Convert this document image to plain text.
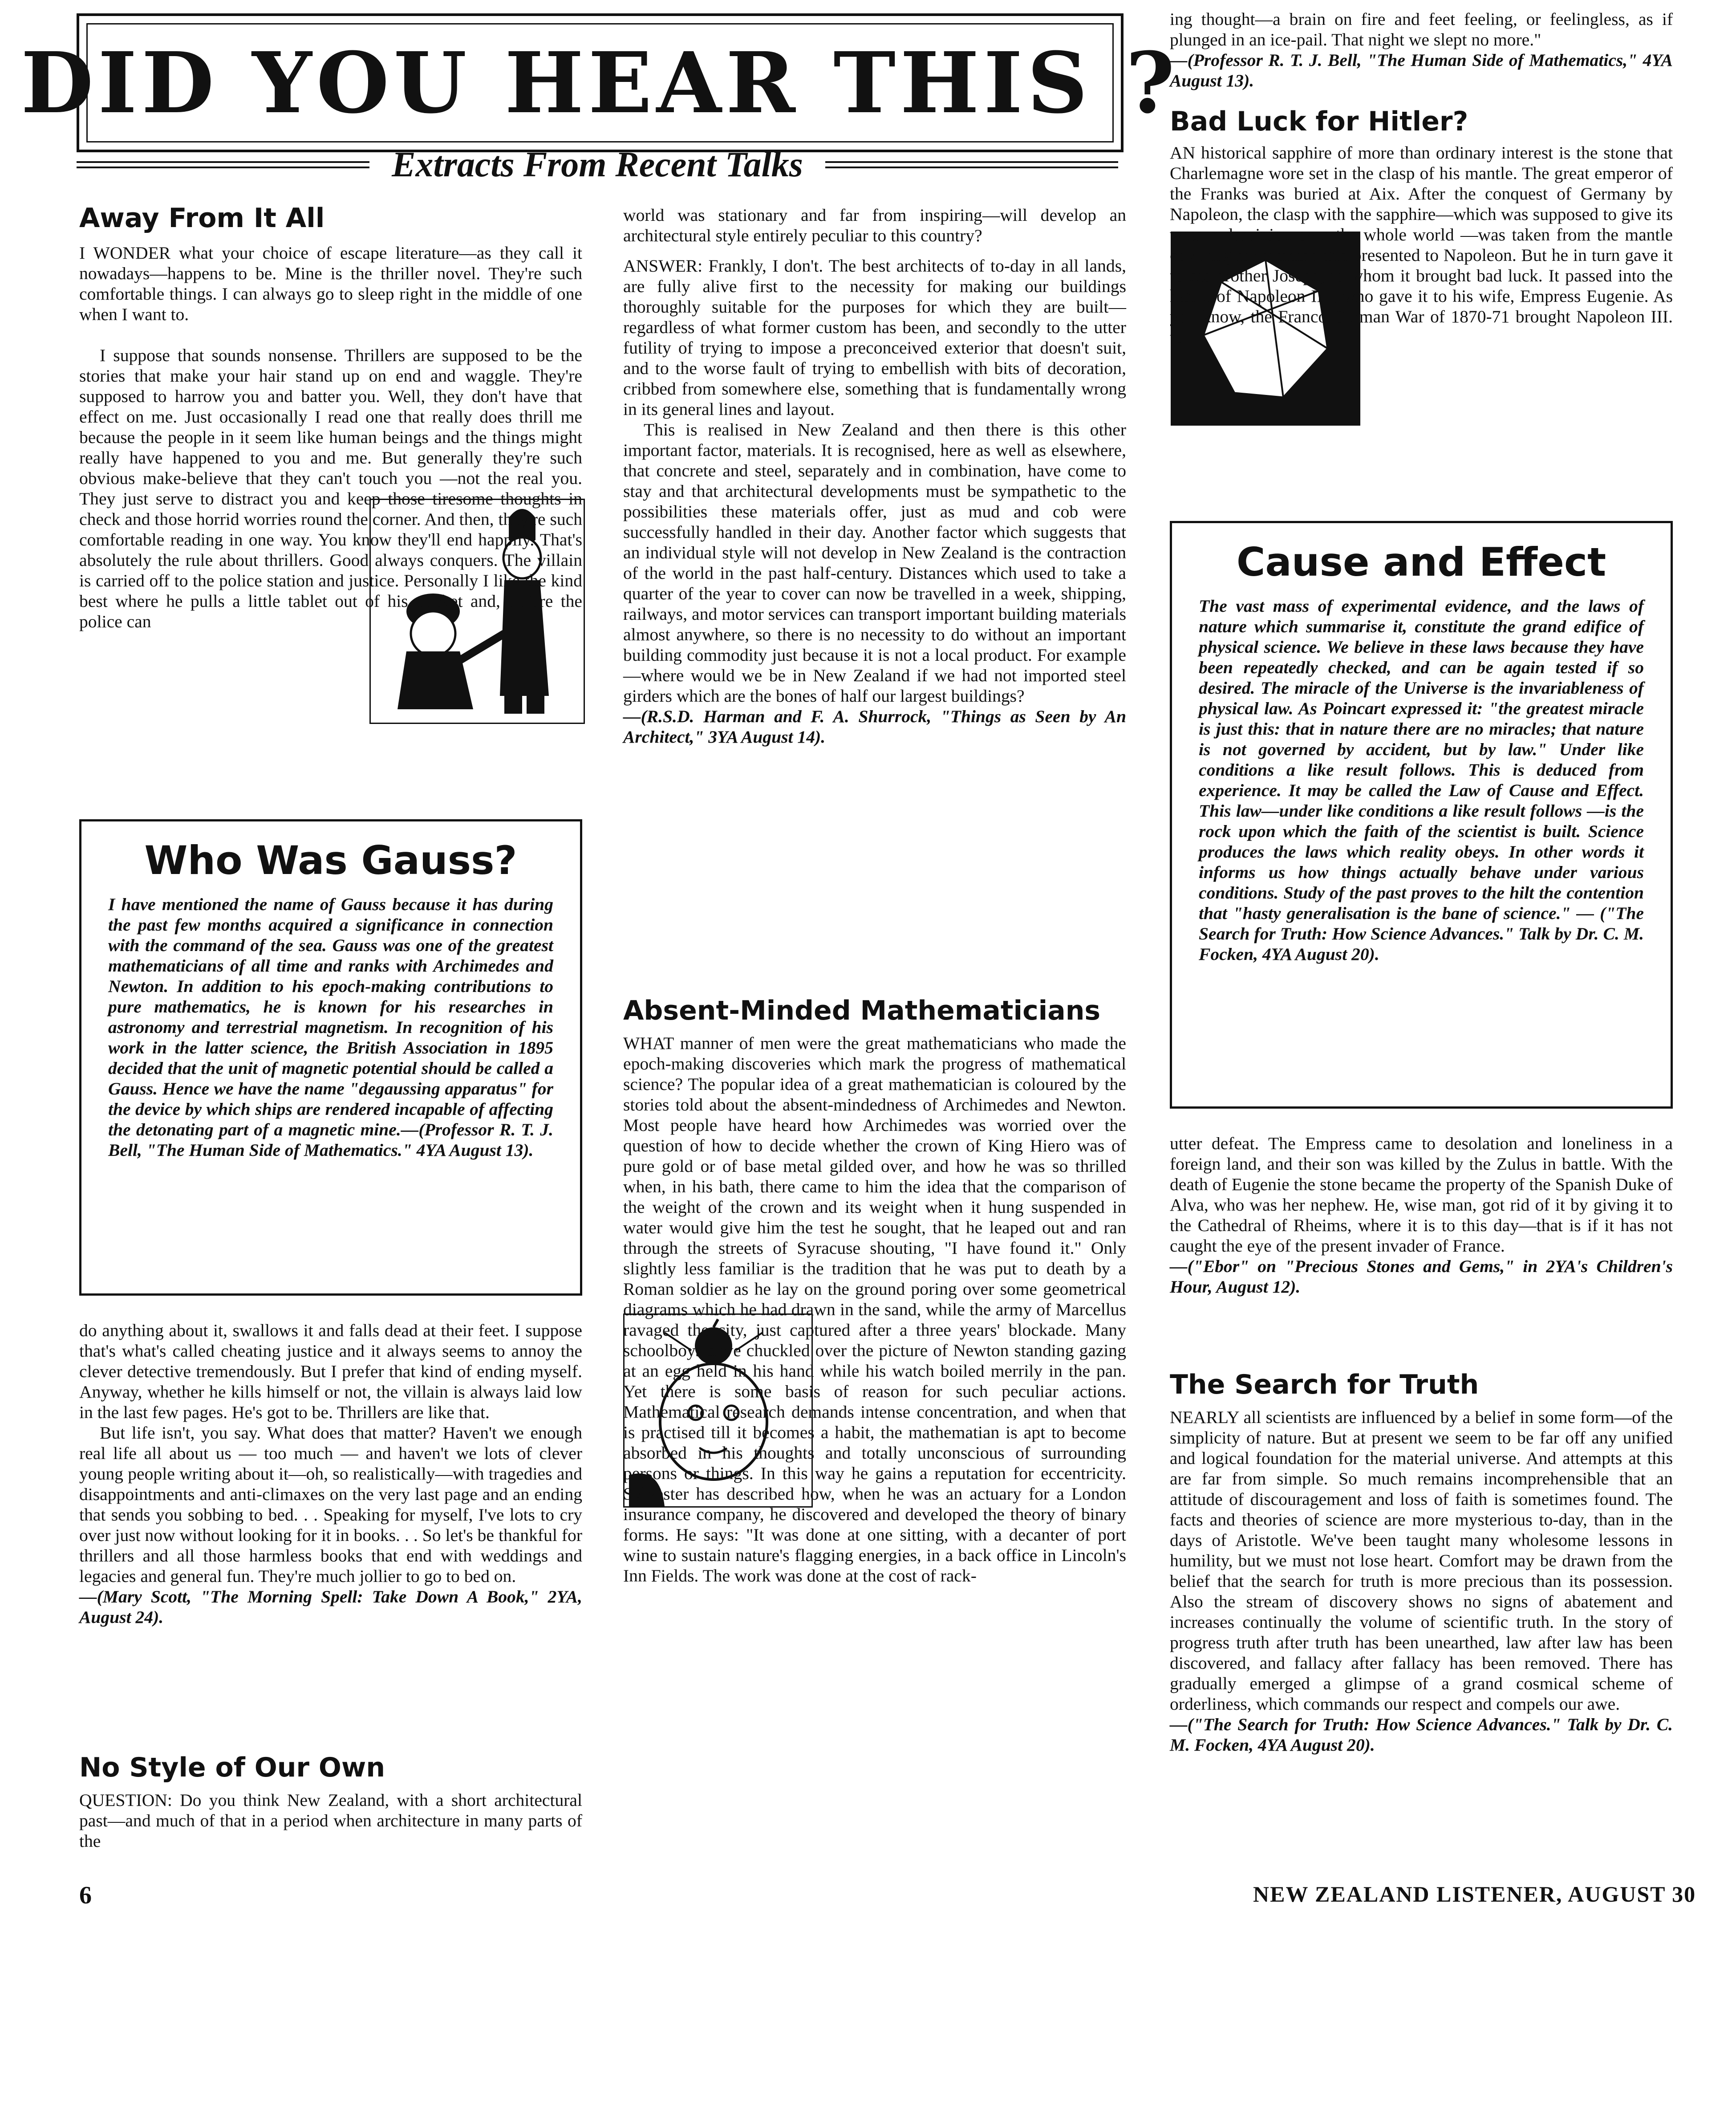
DID YOU HEAR THIS ?
Extracts From Recent Talks
Away From It All

I WONDER what your choice of escape literature—as they call it nowadays—happens to be. Mine is the thriller novel. They're such comfortable things. I can always go to sleep right in the middle of one when I want to.

I suppose that sounds nonsense. Thrillers are supposed to be the stories that make your hair stand up on end and waggle. They're supposed to harrow you and batter you. Well, they don't have that effect on me. Just occasionally I read one that really does thrill me because the people in it seem like human beings and the things might really have happened to you and me. But generally they're such obvious make-believe that they can't touch you —not the real you. They just serve to distract you and keep those tiresome thoughts in check and those horrid worries round the corner. And then, they're such comfortable reading in one way. You know they'll end happily. That's absolutely the rule about thrillers. Good always conquers. The villain is carried off to the police station and justice. Personally I like the kind best where he pulls a little tablet out of his pocket and, before the police can

Who Was Gauss?

I have mentioned the name of Gauss because it has during the past few months acquired a significance in connection with the command of the sea. Gauss was one of the greatest mathematicians of all time and ranks with Archimedes and Newton. In addition to his epoch-making contributions to pure mathematics, he is known for his researches in astronomy and terrestrial magnetism. In recognition of his work in the latter science, the British Association in 1895 decided that the unit of magnetic potential should be called a Gauss. Hence we have the name "degaussing apparatus" for the device by which ships are rendered incapable of affecting the detonating part of a magnetic mine.—(Professor R. T. J. Bell, "The Human Side of Mathematics." 4YA August 13).

do anything about it, swallows it and falls dead at their feet. I suppose that's what's called cheating justice and it always seems to annoy the clever detective tremendously. But I prefer that kind of ending myself. Anyway, whether he kills himself or not, the villain is always laid low in the last few pages. He's got to be. Thrillers are like that.

But life isn't, you say. What does that matter? Haven't we enough real life all about us — too much — and haven't we lots of clever young people writing about it—oh, so realistically—with tragedies and disappointments and anti-climaxes on the very last page and an ending that sends you sobbing to bed. . . Speaking for myself, I've lots to cry over just now without looking for it in books. . . So let's be thankful for thrillers and all those harmless books that end with weddings and legacies and general fun. They're much jollier to go to bed on.

—(Mary Scott, "The Morning Spell: Take Down A Book," 2YA, August 24).

No Style of Our Own

QUESTION: Do you think New Zealand, with a short architectural past—and much of that in a period when architecture in many parts of the

world was stationary and far from inspiring—will develop an architectural style entirely peculiar to this country?

ANSWER: Frankly, I don't. The best architects of to-day in all lands, are fully alive first to the necessity for making our buildings thoroughly suitable for the purposes for which they are built—regardless of what former custom has been, and secondly to the utter futility of trying to impose a preconceived exterior that doesn't suit, and to the worse fault of trying to embellish with bits of decoration, cribbed from somewhere else, something that is fundamentally wrong in its general lines and layout.

This is realised in New Zealand and then there is this other important factor, materials. It is recognised, here as well as elsewhere, that concrete and steel, separately and in combination, have come to stay and that architectural developments must be sympathetic to the possibilities these materials offer, just as mud and cob were successfully handled in their day. Another factor which suggests that an individual style will not develop in New Zealand is the contraction of the world in the past half-century. Distances which used to take a quarter of the year to cover can now be travelled in a week, shipping, railways, and motor services can transport important building materials almost anywhere, so there is no necessity to do without an important building commodity just because it is not a local product. For example—where would we be in New Zealand if we had not imported steel girders which are the bones of half our largest buildings?

—(R.S.D. Harman and F. A. Shurrock, "Things as Seen by An Architect," 3YA August 14).

Absent-Minded Mathematicians

WHAT manner of men were the great mathematicians who made the epoch-making discoveries which mark the progress of mathematical science? The popular idea of a great mathematician is coloured by the stories told about the absent-mindedness of Archimedes and Newton. Most people have heard how Archimedes was worried over the question of how to decide whether the crown of King Hiero was of pure gold or of base metal gilded over, and how he was so thrilled when, in his bath, there came to him the idea that the comparison of the weight of the crown and its weight when it hung suspended in water would give him the test he sought, that he leaped out and ran through the streets of Syracuse shouting, "I have found it." Only slightly less familiar is the tradition that he was put to death by a Roman soldier as he lay on the ground poring over some geometrical diagrams which he had drawn in the sand, while the army of Marcellus ravaged the city, just captured after a three years' blockade. Many schoolboys have chuckled over the picture of Newton standing gazing at an egg held in his hand while his watch boiled merrily in the pan. Yet there is some basis of reason for such peculiar actions. Mathematical research demands intense concentration, and when that is practised till it becomes a habit, the mathematian is apt to become absorbed in his thoughts and totally unconscious of surrounding persons or things. In this way he gains a reputation for eccentricity. Sylvester has described how, when he was an actuary for a London insurance company, he discovered and developed the theory of binary forms. He says: "It was done at one sitting, with a decanter of port wine to sustain nature's flagging energies, in a back office in Lincoln's Inn Fields. The work was done at the cost of rack-

ing thought—a brain on fire and feet feeling, or feelingless, as if plunged in an ice-pail. That night we slept no more."

—(Professor R. T. J. Bell, "The Human Side of Mathematics," 4YA August 13).

Bad Luck for Hitler?

AN historical sapphire of more than ordinary interest is the stone that Charlemagne wore set in the clasp of his mantle. The great emperor of the Franks was buried at Aix. After the conquest of Germany by Napoleon, the clasp with the sapphire—which was supposed to give its wearer dominion over the whole world —was taken from the mantle covering his remains and presented to Napoleon. But he in turn gave it to his brother Joseph, to whom it brought bad luck. It passed into the hands of Napoleon III., who gave it to his wife, Empress Eugenie. As you know, the Franco-German War of 1870-71 brought Napoleon III. to

Cause and Effect

The vast mass of experimental evidence, and the laws of nature which summarise it, constitute the grand edifice of physical science. We believe in these laws because they have been repeatedly checked, and can be again tested if so desired. The miracle of the Universe is the invariableness of physical law. As Poincart expressed it: "the greatest miracle is just this: that in nature there are no miracles; that nature is not governed by accident, but by law." Under like conditions a like result follows. This is deduced from experience. It may be called the Law of Cause and Effect. This law—under like conditions a like result follows —is the rock upon which the faith of the scientist is built. Science produces the laws which reality obeys. In other words it informs us how things actually behave under various conditions. Study of the past proves to the hilt the contention that "hasty generalisation is the bane of science." — ("The Search for Truth: How Science Advances." Talk by Dr. C. M. Focken, 4YA August 20).

utter defeat. The Empress came to desolation and loneliness in a foreign land, and their son was killed by the Zulus in battle. With the death of Eugenie the stone became the property of the Spanish Duke of Alva, who was her nephew. He, wise man, got rid of it by giving it to the Cathedral of Rheims, where it is to this day—that is if it has not caught the eye of the present invader of France.

—("Ebor" on "Precious Stones and Gems," in 2YA's Children's Hour, August 12).

The Search for Truth

NEARLY all scientists are influenced by a belief in some form—of the simplicity of nature. But at present we seem to be far off any unified and logical foundation for the material universe. And attempts at this are far from simple. So much remains incomprehensible that an attitude of discouragement and loss of faith is sometimes found. The facts and theories of science are more mysterious to-day, than in the days of Aristotle. We've been taught many wholesome lessons in humility, but we must not lose heart. Comfort may be drawn from the belief that the search for truth is more precious than its possession. Also the stream of discovery shows no signs of abatement and increases continually the volume of scientific truth. In the story of progress truth after truth has been unearthed, law after law has been discovered, and fallacy after fallacy has been removed. There has gradually emerged a glimpse of a grand cosmical scheme of orderliness, which commands our respect and compels our awe.

—("The Search for Truth: How Science Advances." Talk by Dr. C. M. Focken, 4YA August 20).

6	NEW ZEALAND LISTENER, AUGUST 30
